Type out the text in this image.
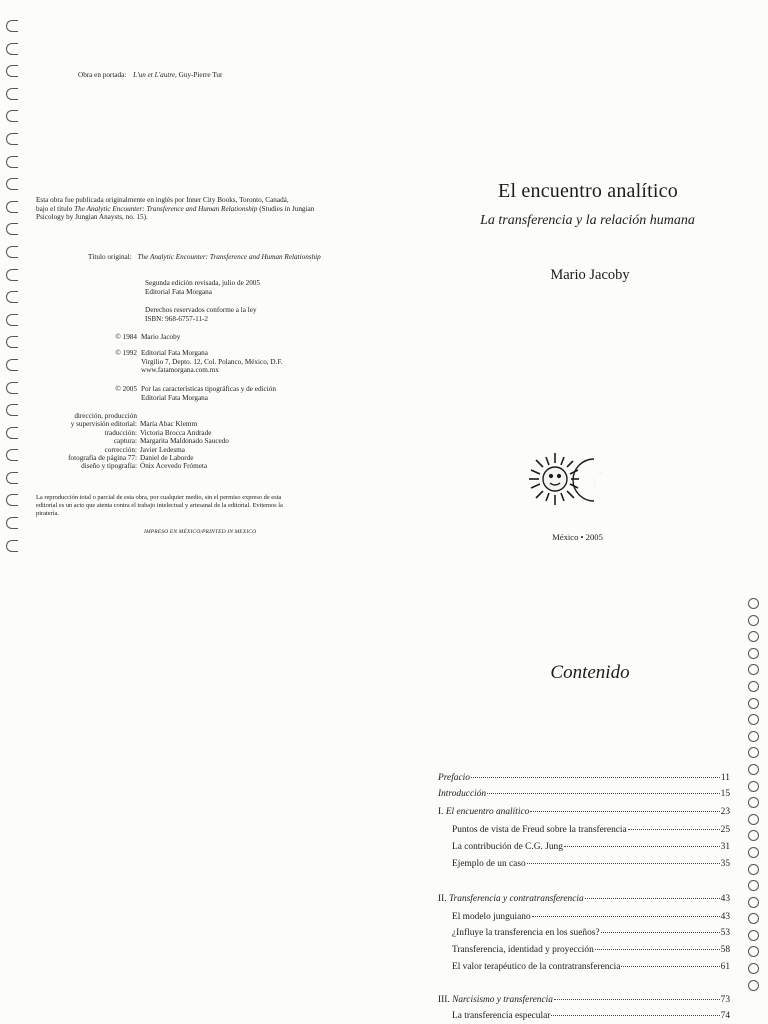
Obra en portada: L'un et L'autre, Guy-Pierre Tur
Esta obra fue publicada originalmente en inglés por Inner City Books, Toronto, Canadá,
bajo el título The Analytic Encounter: Transference and Human Relationship (Studies in Jungian
Psicology by Jungian Anaysts, no. 15).
Título original: The Analytic Encounter: Transference and Human Relationship
Segunda edición revisada, julio de 2005
Editorial Fata Morgana
Derechos reservados conforme a la ley
ISBN: 968-6757-11-2
© 1984 Mario Jacoby
© 1992 Editorial Fata Morgana
Virgilio 7, Depto. 12, Col. Polanco, México, D.F.
www.fatamorgana.com.mx
© 2005 Por las características tipográficas y de edición
Editorial Fata Morgana
dirección, producción
y supervisión editorial: María Abac Klemm
traducción: Victoria Brocca Andrade
captura: Margarita Maldonado Saucedo
corrección: Javier Ledesma
fotografía de página 77: Daniel de Laborde
diseño y tipografía: Ónix Acevedo Frómeta
La reproducción total o parcial de esta obra, por cualquier medio, sin el permiso expreso de esta
editorial es un acto que atenta contra el trabajo intelectual y artesanal de la editorial. Evitemos la
piratería.
IMPRESO EN MÉXICO/PRINTED IN MEXICO
El encuentro analítico
La transferencia y la relación humana
Mario Jacoby
México • 2005
Contenido
Prefacio	11
Introducción	15
I. El encuentro analítico	23
Puntos de vista de Freud sobre la transferencia	25
La contribución de C.G. Jung	31
Ejemplo de un caso	35
II. Transferencia y contratransferencia	43
El modelo junguiano	43
¿Influye la transferencia en los sueños?	53
Transferencia, identidad y proyección	58
El valor terapéutico de la contratransferencia	61
III. Narcisismo y transferencia	73
La transferencia especular	74
